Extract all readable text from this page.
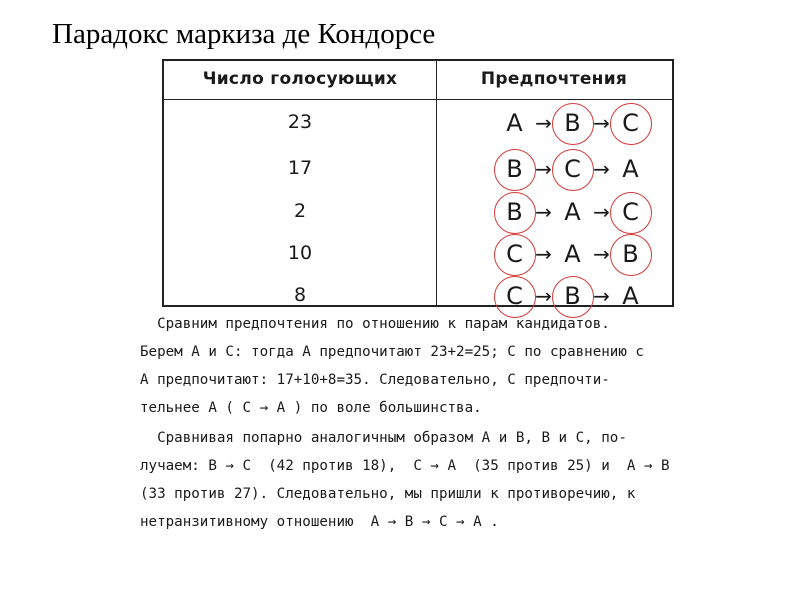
Парадокс маркиза де Кондорсе
Число голосующих	Предпочтения
23	A → B → C
17	B → C → A
2	B → A → C
10	C → A → B
8	C → B → A
Сравним предпочтения по отношению к парам кандидатов.
Берем А и С: тогда А предпочитают 23+2=25; С по сравнению с
А предпочитают: 17+10+8=35. Следовательно, С предпочти-
тельнее А ( С → А ) по воле большинства.
Сравнивая попарно аналогичным образом А и В, В и С, по-
лучаем: В → С  (42 против 18),  С → А  (35 против 25) и  А → В
(33 против 27). Следовательно, мы пришли к противоречию, к
нетранзитивному отношению  А → В → С → А .
